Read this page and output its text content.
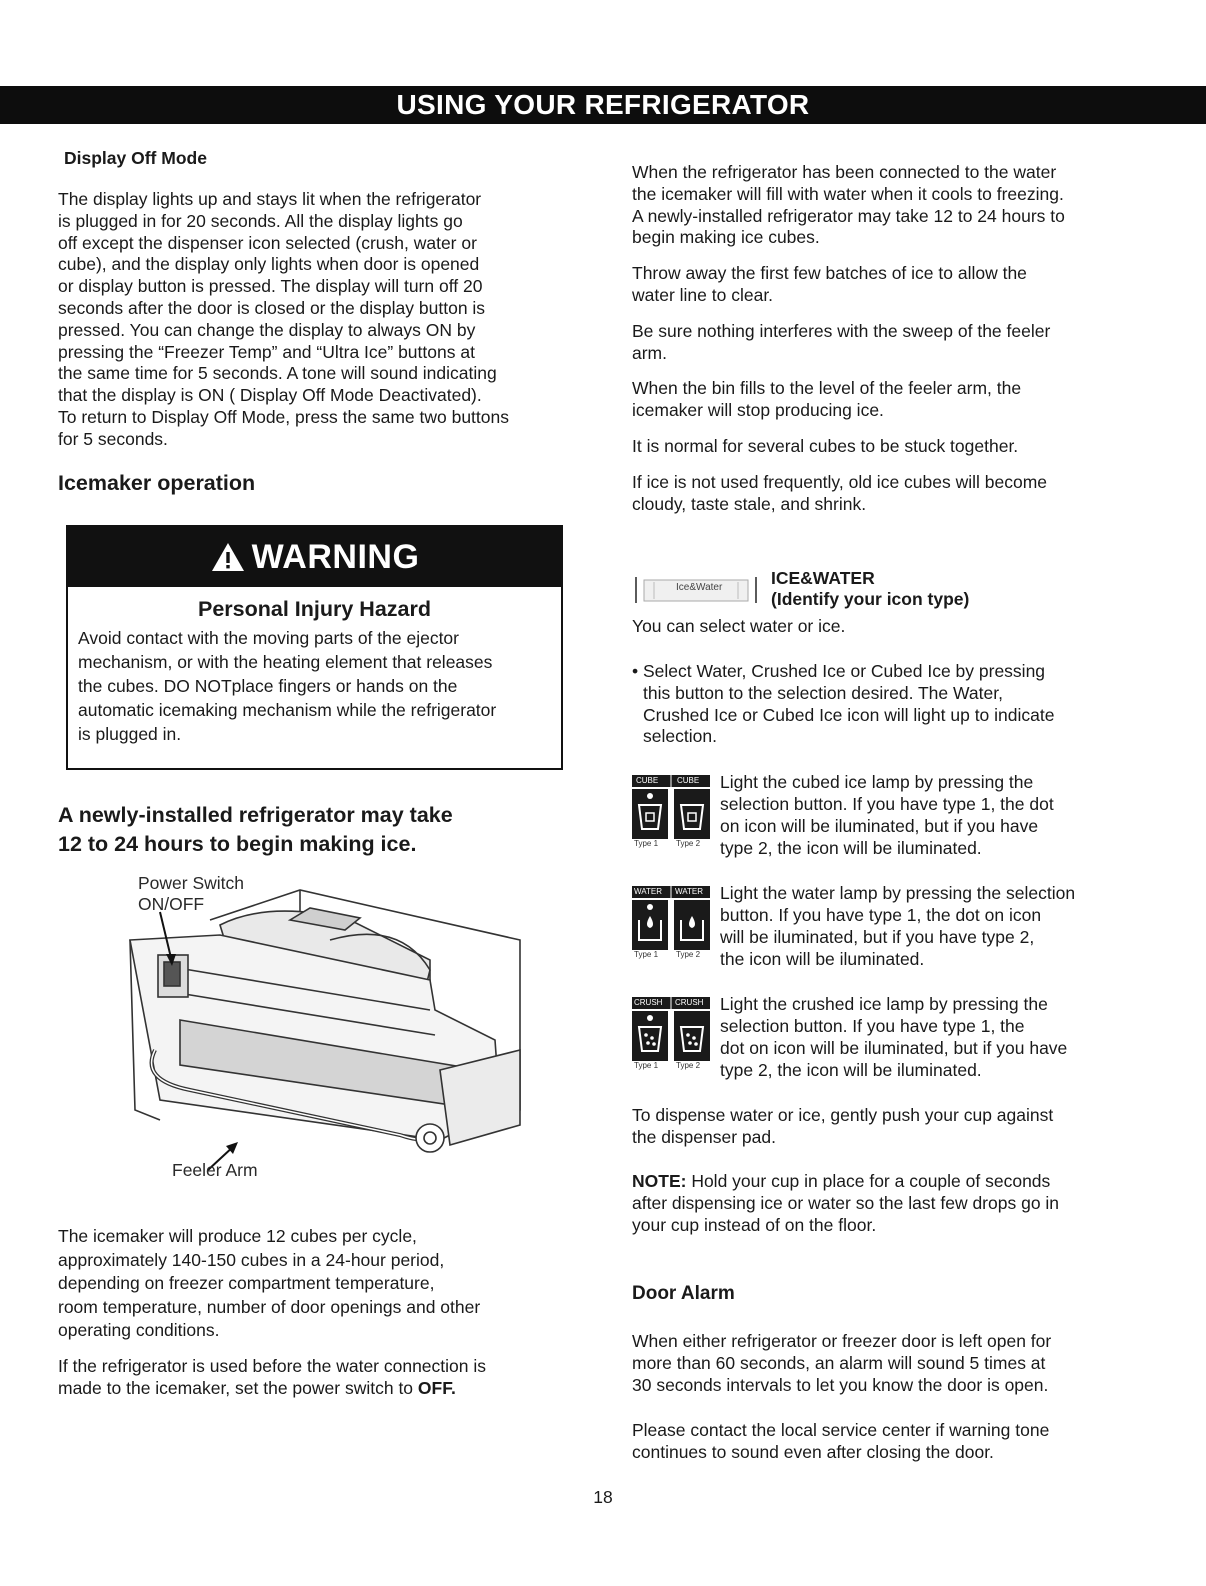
USING YOUR REFRIGERATOR
Display Off Mode
The display lights up and stays lit when the refrigerator
is plugged in for 20 seconds. All the display lights go
off except the dispenser icon selected (crush, water or
cube), and the display only lights when door is opened
or display button is pressed. The display will turn off 20
seconds after the door is closed or the display button is
pressed. You can change the display to always ON by
pressing the “Freezer Temp” and “Ultra Ice” buttons at
the same time for 5 seconds. A tone will sound indicating
that the display is ON ( Display Off Mode Deactivated).
To return to Display Off Mode, press the same two buttons
for 5 seconds.
Icemaker operation
WARNING
Personal Injury Hazard
Avoid contact with the moving parts of the ejector
mechanism, or with the heating element that releases
the cubes. DO NOTplace fingers or hands on the
automatic icemaking mechanism while the refrigerator
is plugged in.
A newly-installed refrigerator may take
12 to 24 hours to begin making ice.
Power Switch
ON/OFF
Feeler Arm
The icemaker will produce 12 cubes per cycle,
approximately 140-150 cubes in a 24-hour period,
depending on freezer compartment temperature,
room temperature, number of door openings and other
operating conditions.
If the refrigerator is used before the water connection is
made to the icemaker, set the power switch to OFF.
When the refrigerator has been connected to the water
the icemaker will fill with water when it cools to freezing.
A newly-installed refrigerator may take 12 to 24 hours to
begin making ice cubes.
Throw away the first few batches of ice to allow the
water line to clear.
Be sure nothing interferes with the sweep of the feeler
arm.
When the bin fills to the level of the feeler arm, the
icemaker will stop producing ice.
It is normal for several cubes to be stuck together.
If ice is not used frequently, old ice cubes will become
cloudy, taste stale, and shrink.
Ice&Water	ICE&WATER
(Identify your icon type)
You can select water or ice.
• Select Water, Crushed Ice or Cubed Ice by pressing
this button to the selection desired. The Water,
Crushed Ice or Cubed Ice icon will light up to indicate
selection.
CUBE CUBE
Type 1 Type 2
Light the cubed ice lamp by pressing the
selection button. If you have type 1, the dot
on icon will be iluminated, but if you have
type 2, the icon will be iluminated.
WATER WATER
Type 1 Type 2
Light the water lamp by pressing the selection
button. If you have type 1, the dot on icon
will be iluminated, but if you have type 2,
the icon will be iluminated.
CRUSH CRUSH
Type 1 Type 2
Light the crushed ice lamp by pressing the
selection button. If you have type 1, the
dot on icon will be iluminated, but if you have
type 2, the icon will be iluminated.
To dispense water or ice, gently push your cup against
the dispenser pad.
NOTE: Hold your cup in place for a couple of seconds
after dispensing ice or water so the last few drops go in
your cup instead of on the floor.
Door Alarm
When either refrigerator or freezer door is left open for
more than 60 seconds, an alarm will sound 5 times at
30 seconds intervals to let you know the door is open.
Please contact the local service center if warning tone
continues to sound even after closing the door.
18
